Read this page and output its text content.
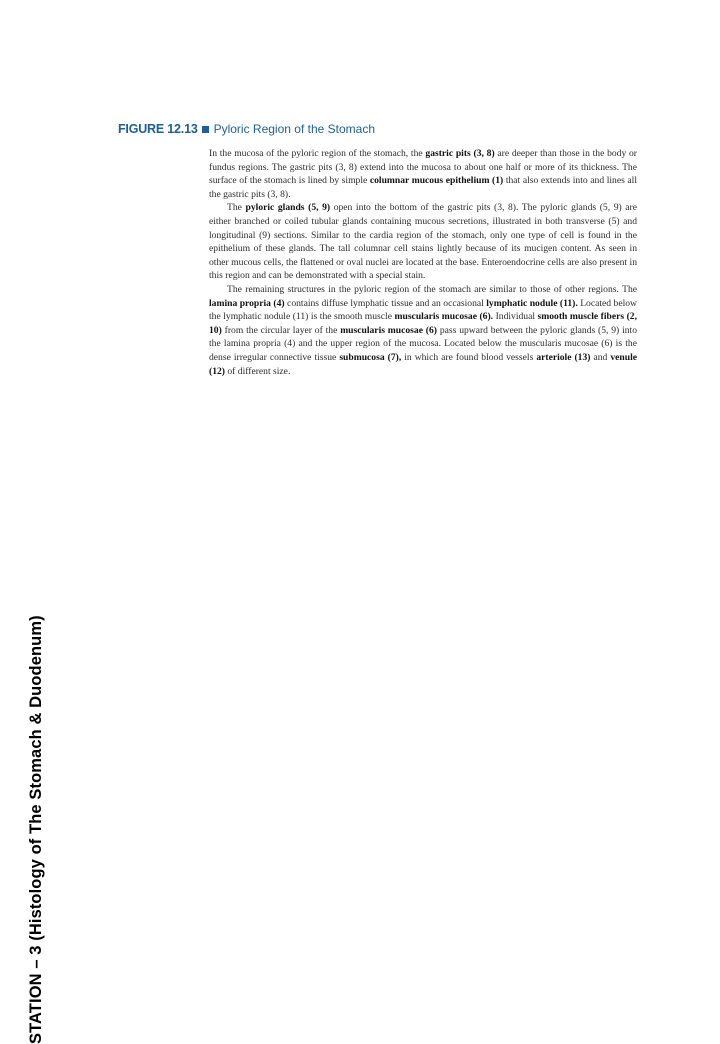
STATION – 3 (Histology of The Stomach & Duodenum)
FIGURE 12.13 Pyloric Region of the Stomach

In the mucosa of the pyloric region of the stomach, the gastric pits (3, 8) are deeper than those in the body or fundus regions. The gastric pits (3, 8) extend into the mucosa to about one half or more of its thickness. The surface of the stomach is lined by simple columnar mucous epithelium (1) that also extends into and lines all the gastric pits (3, 8).

The pyloric glands (5, 9) open into the bottom of the gastric pits (3, 8). The pyloric glands (5, 9) are either branched or coiled tubular glands containing mucous secretions, illustrated in both transverse (5) and longitudinal (9) sections. Similar to the cardia region of the stomach, only one type of cell is found in the epithelium of these glands. The tall columnar cell stains lightly because of its mucigen content. As seen in other mucous cells, the flattened or oval nuclei are located at the base. Enteroendocrine cells are also present in this region and can be demonstrated with a special stain.

The remaining structures in the pyloric region of the stomach are similar to those of other regions. The lamina propria (4) contains diffuse lymphatic tissue and an occasional lymphatic nodule (11). Located below the lymphatic nodule (11) is the smooth muscle muscularis mucosae (6). Individual smooth muscle fibers (2, 10) from the circular layer of the muscularis mucosae (6) pass upward between the pyloric glands (5, 9) into the lamina propria (4) and the upper region of the mucosa. Located below the muscularis mucosae (6) is the dense irregular connective tissue submucosa (7), in which are found blood vessels arteriole (13) and venule (12) of different size.
